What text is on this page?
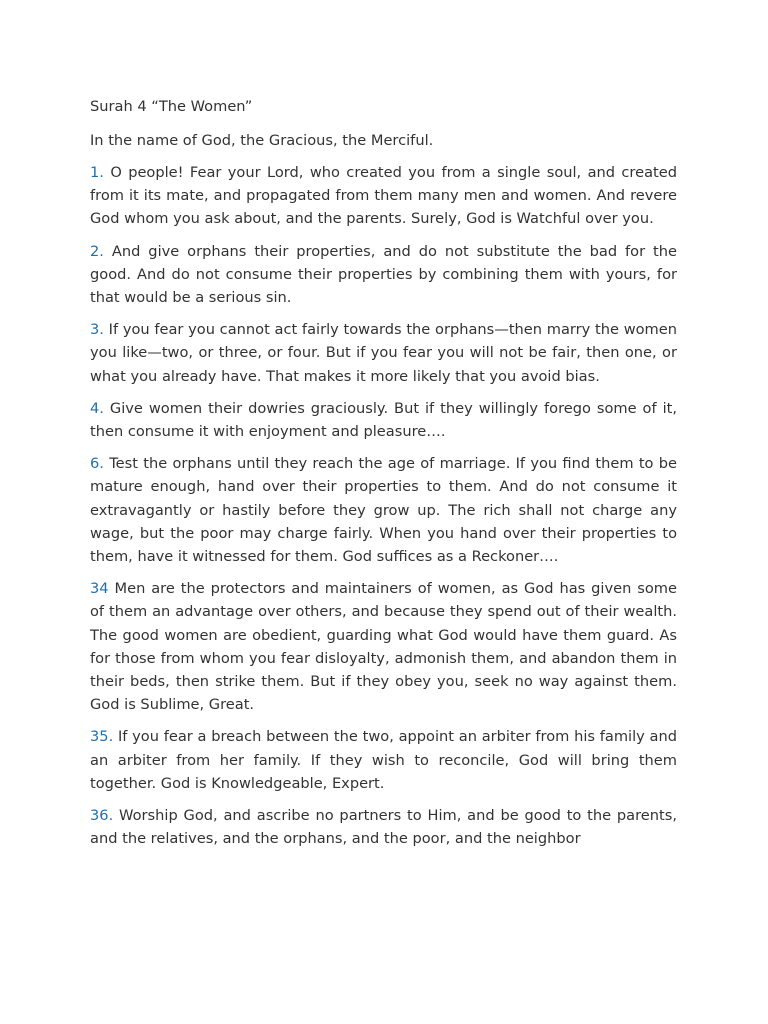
Surah 4 “The Women”

In the name of God, the Gracious, the Merciful.

1. O people! Fear your Lord, who created you from a single soul, and created from it its mate, and propagated from them many men and women. And revere God whom you ask about, and the parents. Surely, God is Watchful over you.

2. And give orphans their properties, and do not substitute the bad for the good. And do not consume their properties by combining them with yours, for that would be a serious sin.

3. If you fear you cannot act fairly towards the orphans—then marry the women you like—two, or three, or four. But if you fear you will not be fair, then one, or what you already have. That makes it more likely that you avoid bias.

4. Give women their dowries graciously. But if they willingly forego some of it, then consume it with enjoyment and pleasure….

6. Test the orphans until they reach the age of marriage. If you find them to be mature enough, hand over their properties to them. And do not consume it extravagantly or hastily before they grow up. The rich shall not charge any wage, but the poor may charge fairly. When you hand over their properties to them, have it witnessed for them. God suffices as a Reckoner….

34 Men are the protectors and maintainers of women, as God has given some of them an advantage over others, and because they spend out of their wealth. The good women are obedient, guarding what God would have them guard. As for those from whom you fear disloyalty, admonish them, and abandon them in their beds, then strike them. But if they obey you, seek no way against them. God is Sublime, Great.

35. If you fear a breach between the two, appoint an arbiter from his family and an arbiter from her family. If they wish to reconcile, God will bring them together. God is Knowledgeable, Expert.

36. Worship God, and ascribe no partners to Him, and be good to the parents, and the relatives, and the orphans, and the poor, and the neighbor
